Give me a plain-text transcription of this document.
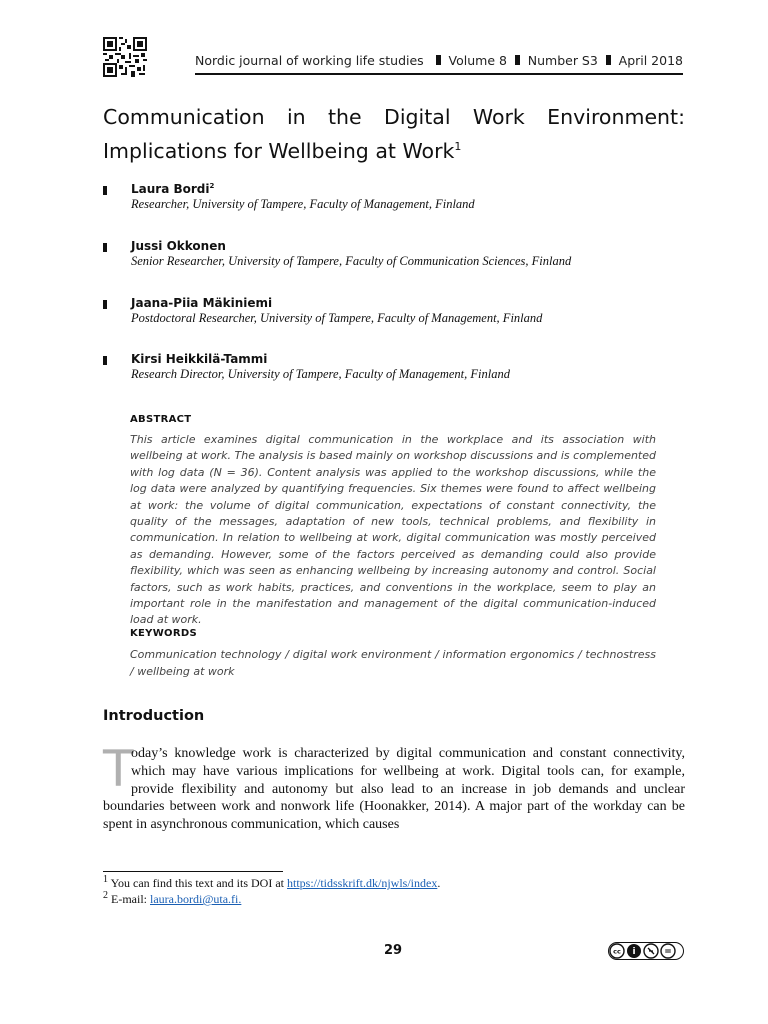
Nordic journal of working life studies Volume 8 Number S3 April 2018
Communication in the Digital Work Environment: Implications for Wellbeing at Work$^1$
Laura Bordi$^2$
Researcher, University of Tampere, Faculty of Management, Finland
Jussi Okkonen
Senior Researcher, University of Tampere, Faculty of Communication Sciences, Finland
Jaana-Piia Mäkiniemi
Postdoctoral Researcher, University of Tampere, Faculty of Management, Finland
Kirsi Heikkilä-Tammi
Research Director, University of Tampere, Faculty of Management, Finland
ABSTRACT

This article examines digital communication in the workplace and its association with wellbeing at work. The analysis is based mainly on workshop discussions and is complemented with log data (N = 36). Content analysis was applied to the workshop discussions, while the log data were analyzed by quantifying frequencies. Six themes were found to affect wellbeing at work: the volume of digital communication, expectations of constant connectivity, the quality of the messages, adaptation of new tools, technical problems, and flexibility in communication. In relation to wellbeing at work, digital communication was mostly perceived as demanding. However, some of the factors perceived as demanding could also provide flexibility, which was seen as enhancing wellbeing by increasing autonomy and control. Social factors, such as work habits, practices, and conventions in the workplace, seem to play an important role in the manifestation and management of the digital communication-induced load at work.

KEYWORDS

Communication technology / digital work environment / information ergonomics / technostress / wellbeing at work

Introduction
T

oday’s knowledge work is characterized by digital communication and constant connectivity, which may have various implications for wellbeing at work. Digital tools can, for example, provide flexibility and autonomy but also lead to an increase in job demands and unclear boundaries between work and nonwork life (Hoonakker, 2014). A major part of the workday can be spent in asynchronous communication, which causes

$^1$ You can find this text and its DOI at https://tidsskrift.dk/njwls/index.
$^2$ E-mail: laura.bordi@uta.fi.
29	cc i	=
